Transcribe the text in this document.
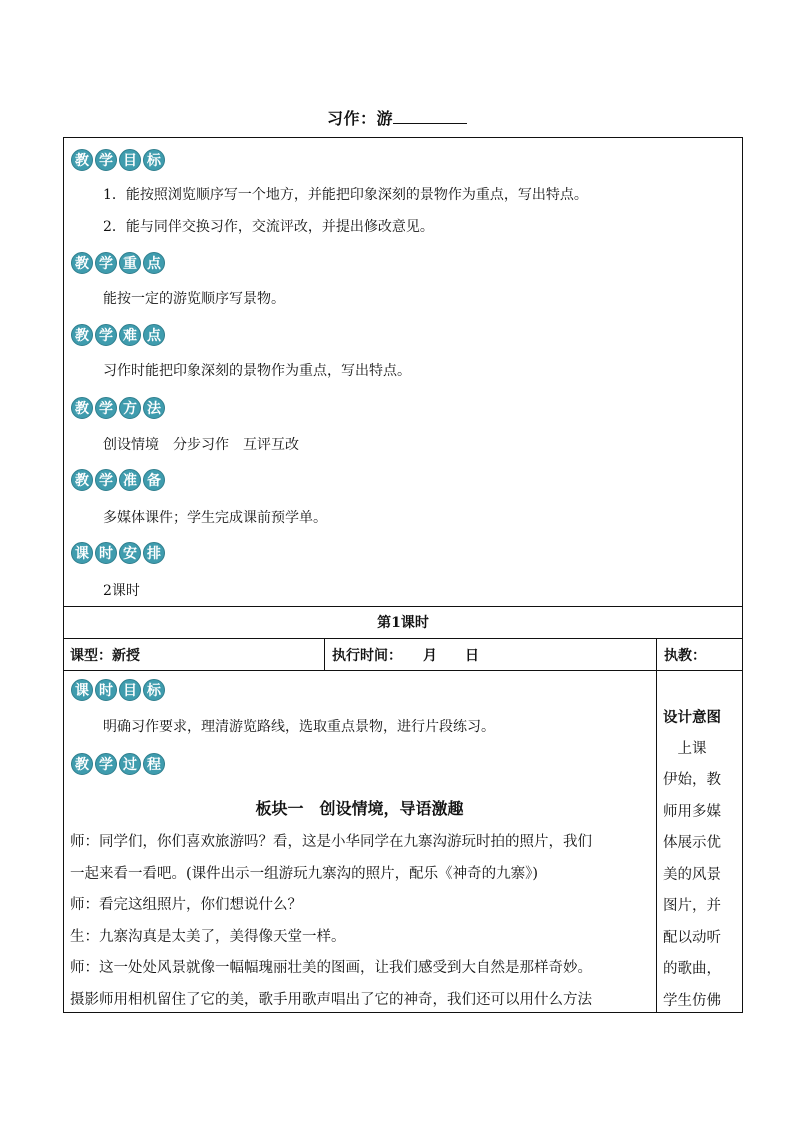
习作：游
教 学 目 标
1．能按照浏览顺序写一个地方，并能把印象深刻的景物作为重点，写出特点。
2．能与同伴交换习作，交流评改，并提出修改意见。
教 学 重 点
能按一定的游览顺序写景物。
教 学 难 点
习作时能把印象深刻的景物作为重点，写出特点。
教 学 方 法
创设情境　分步习作　互评互改
教 学 准 备
多媒体课件；学生完成课前预学单。
课 时 安 排
2课时
第1课时
课型：新授	执行时间：　　月　　日	执教：
课 时 目 标
明确习作要求，理清游览路线，选取重点景物，进行片段练习。
教 学 过 程
板块一　创设情境，导语激趣
师：同学们，你们喜欢旅游吗？看，这是小华同学在九寨沟游玩时拍的照片，我们
一起来看一看吧。(课件出示一组游玩九寨沟的照片，配乐《神奇的九寨》)
师：看完这组照片，你们想说什么？
生：九寨沟真是太美了，美得像天堂一样。
师：这一处处风景就像一幅幅瑰丽壮美的图画，让我们感受到大自然是那样奇妙。
摄影师用相机留住了它的美，歌手用歌声唱出了它的神奇，我们还可以用什么方法
设计意图
　上课
伊始，教
师用多媒
体展示优
美的风景
图片，并
配以动听
的歌曲，
学生仿佛
